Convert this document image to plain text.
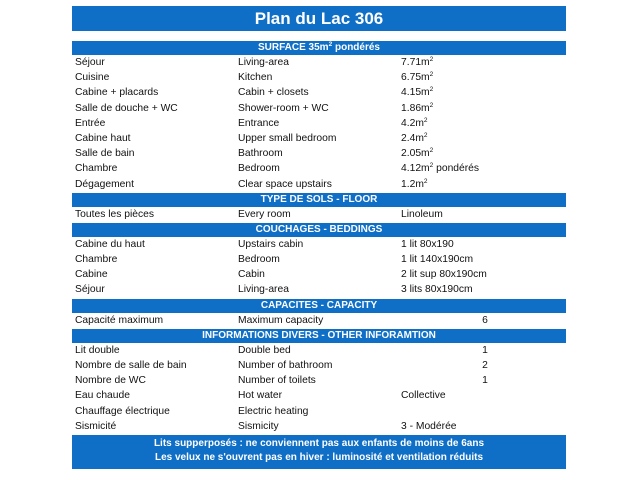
Plan du Lac 306
SURFACE $35m^2$ pondérés
Séjour	Living-area	$7.71m^2$
Cuisine	Kitchen	$6.75m^2$
Cabine + placards	Cabin + closets	$4.15m^2$
Salle de douche + WC	Shower-room + WC	$1.86m^2$
Entrée	Entrance	$4.2m^2$
Cabine haut	Upper small bedroom	$2.4m^2$
Salle de bain	Bathroom	$2.05m^2$
Chambre	Bedroom	$4.12m^2$ pondérés
Dégagement	Clear space upstairs	$1.2m^2$
TYPE DE SOLS - FLOOR
Toutes les pièces	Every room	Linoleum
COUCHAGES - BEDDINGS
Cabine du haut	Upstairs cabin	1 lit 80x190
Chambre	Bedroom	1 lit 140x190cm
Cabine	Cabin	2 lit sup 80x190cm
Séjour	Living-area	3 lits 80x190cm
CAPACITES - CAPACITY
Capacité maximum	Maximum capacity	6
INFORMATIONS DIVERS - OTHER INFORAMTION
Lit double	Double bed	1
Nombre de salle de bain	Number of bathroom	2
Nombre de WC	Number of toilets	1
Eau chaude	Hot water	Collective
Chauffage électrique	Electric heating
Sismicité	Sismicity	3 - Modérée
Lits supperposés : ne conviennent pas aux enfants de moins de 6ans
Les velux ne s'ouvrent pas en hiver : luminosité et ventilation réduits
